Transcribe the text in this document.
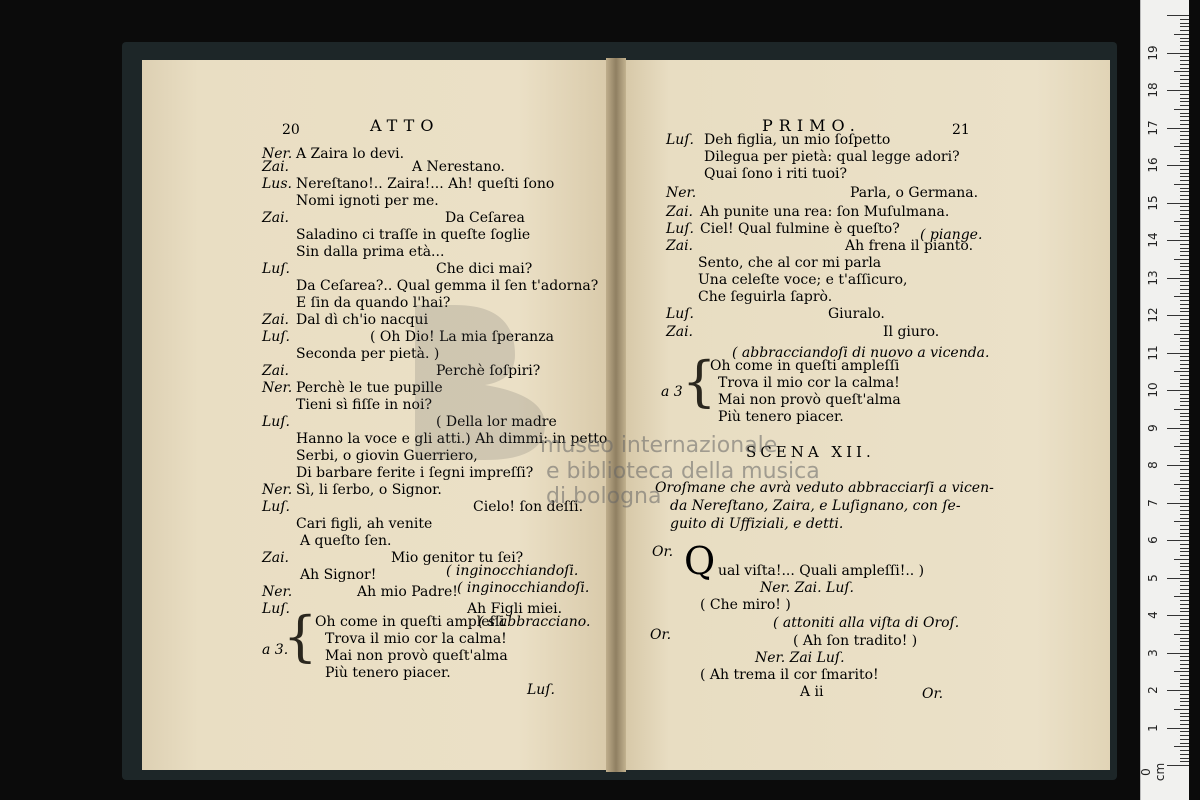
20	ATTO
Ner. A Zaira lo devi.
Zai.	A Nerestano.
Lus. Nereſtano!.. Zaira!... Ah! queſti ſono
Nomi ignoti per me.
Zai.	Da Ceſarea
Saladino ci traſſe in queſte ſoglie
Sin dalla prima età...
Luſ.	Che dici mai?
Da Ceſarea?.. Qual gemma il ſen t'adorna?
E ſin da quando l'hai?
Zai. Dal dì ch'io nacqui
Luſ.	( Oh Dio! La mia ſperanza
Seconda per pietà. )
Zai.	Perchè ſoſpiri?
Ner. Perchè le tue pupille
Tieni sì fiſſe in noi?
Luſ.	( Della lor madre
Hanno la voce e gli atti.) Ah dimmi: in petto
Serbi, o giovin Guerriero,
Di barbare ferite i ſegni impreſſi?
Ner. Sì, li ſerbo, o Signor.
Luſ.	Cielo! ſon deſſi.
Cari figli, ah venite
A queſto ſen.
Zai.	Mio genitor tu ſei?
Ah Signor!
Ner.	Ah mio Padre!
Luſ.	Ah Figli miei.
( inginocchiandoſi.
( inginocchiandoſi.
a 3.
{
Oh come in queſti ampleſſi
Trova il mio cor la calma!
Mai non provò queſt'alma
Più tenero piacer.
( s'abbracciano.
Luſ.
PRIMO.	21
Luſ. Deh figlia, un mio ſoſpetto
Dilegua per pietà: qual legge adori?
Quai ſono i riti tuoi?
Ner.	Parla, o Germana.
Zai. Ah punite una rea: ſon Muſulmana.
Luſ. Ciel! Qual fulmine è queſto?
Zai.	Ah frena il pianto.
Sento, che al cor mi parla
Una celeſte voce; e t'aſſicuro,
Che ſeguirla ſaprò.
Luſ.	Giuralo.
Zai.	Il giuro.
( piange.
( abbracciandoſi di nuovo a vicenda.
a 3 {
Oh come in queſti ampleſſi
Trova il mio cor la calma!
Mai non provò queſt'alma
Più tenero piacer.
SCENA XII.
Oroſmane che avrà veduto abbracciarſi a vicen-
da Nereſtano, Zaira, e Luſignano, con ſe-
guito di Uffiziali, e detti.
Or. Q ual viſta!... Quali ampleſſi!.. )
Ner. Zai. Luſ.
( Che miro! )
( attoniti alla viſta di Oroſ.
Or.	( Ah ſon tradito! )
Ner. Zai Luſ.
( Ah trema il cor ſmarito!
A ii	Or.
museo internazionale
e biblioteca della musica
di bologna
19
18
17
16
15
14
13
12
11
10
9
8
7
6
5
4
3
2
1
0 cm
